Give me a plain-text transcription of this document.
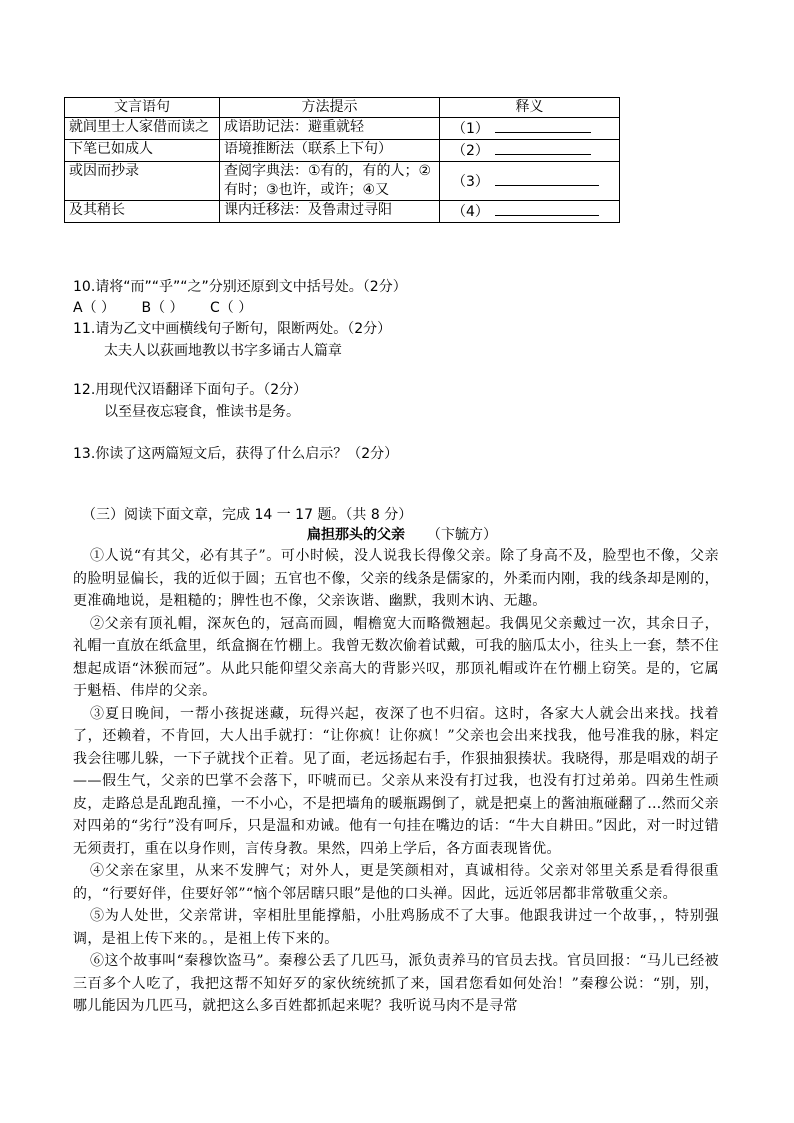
文言语句	方法提示	释义
就闾里士人家借而读之	成语助记法：避重就轻	（1）
下笔已如成人	语境推断法（联系上下句）	（2）
或因而抄录	查阅字典法：①有的，有的人；②有时；③也许，或许；④又	（3）
及其稍长	课内迁移法：及鲁肃过寻阳	（4）
10.请将“而”“乎”“之”分别还原到文中括号处。（2分）
A（ ） B（ ） C（ ）
11.请为乙文中画横线句子断句，限断两处。（2分）
太夫人以荻画地教以书字多诵古人篇章
12.用现代汉语翻译下面句子。（2分）
以至昼夜忘寝食，惟读书是务。
13.你读了这两篇短文后，获得了什么启示？（2分）
（三）阅读下面文章，完成 14 一 17 题。（共 8 分）
扁担那头的父亲 （卞毓方）

①人说“有其父，必有其子”。可小时候，没人说我长得像父亲。除了身高不及，脸型也不像，父亲的脸明显偏长，我的近似于圆；五官也不像，父亲的线条是儒家的，外柔而内刚，我的线条却是刚的，更准确地说，是粗糙的；脾性也不像，父亲诙谐、幽默，我则木讷、无趣。

②父亲有顶礼帽，深灰色的，冠高而圆，帽檐宽大而略微翘起。我偶见父亲戴过一次，其余日子，礼帽一直放在纸盒里，纸盒搁在竹棚上。我曾无数次偷着试戴，可我的脑瓜太小，往头上一套，禁不住想起成语“沐猴而冠”。从此只能仰望父亲高大的背影兴叹，那顶礼帽或许在竹棚上窃笑。是的，它属于魁梧、伟岸的父亲。

③夏日晚间，一帮小孩捉迷藏，玩得兴起，夜深了也不归宿。这时，各家大人就会出来找。找着了，还赖着，不肯回，大人出手就打：“让你疯！让你疯！”父亲也会出来找我，他号准我的脉，料定我会往哪儿躲，一下子就找个正着。见了面，老远扬起右手，作狠抽狠揍状。我晓得，那是唱戏的胡子——假生气，父亲的巴掌不会落下，吓唬而已。父亲从来没有打过我，也没有打过弟弟。四弟生性顽皮，走路总是乱跑乱撞，一不小心，不是把墙角的暖瓶踢倒了，就是把桌上的酱油瓶碰翻了…然而父亲对四弟的“劣行”没有呵斥，只是温和劝诫。他有一句挂在嘴边的话：“牛大自耕田。”因此，对一时过错无须责打，重在以身作则，言传身教。果然，四弟上学后，各方面表现皆优。

④父亲在家里，从来不发脾气；对外人，更是笑颜相对，真诚相待。父亲对邻里关系是看得很重的，“行要好伴，住要好邻”“恼个邻居瞎只眼”是他的口头禅。因此，远近邻居都非常敬重父亲。

⑤为人处世，父亲常讲，宰相肚里能撑船，小肚鸡肠成不了大事。他跟我讲过一个故事，，特别强调，是祖上传下来的。，是祖上传下来的。

⑥这个故事叫“秦穆饮盗马”。秦穆公丢了几匹马，派负责养马的官员去找。官员回报：“马儿已经被三百多个人吃了，我把这帮不知好歹的家伙统统抓了来，国君您看如何处治！”秦穆公说：“别，别，哪儿能因为几匹马，就把这么多百姓都抓起来呢？我听说马肉不是寻常
